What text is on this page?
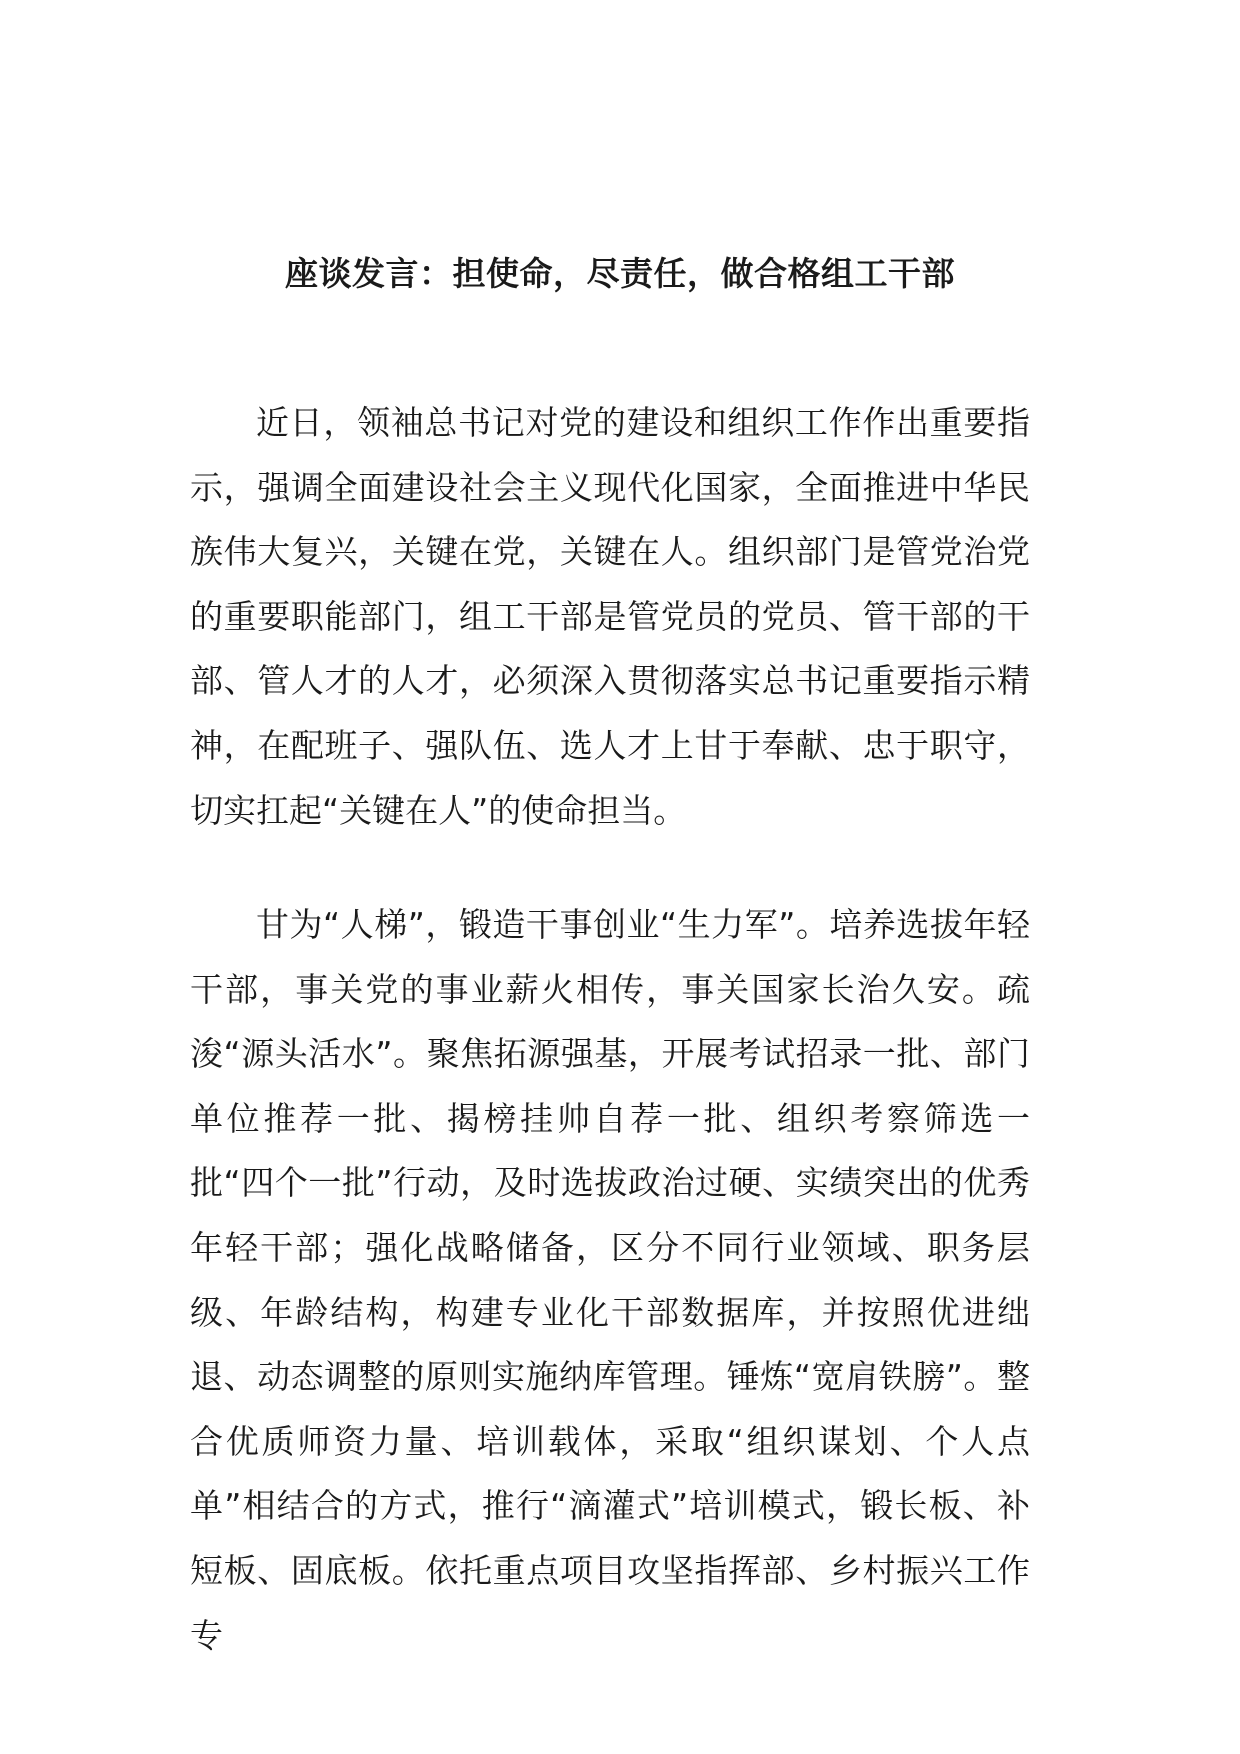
座谈发言：担使命，尽责任，做合格组工干部

近日，领袖总书记对党的建设和组织工作作出重要指示，强调全面建设社会主义现代化国家，全面推进中华民族伟大复兴，关键在党，关键在人。组织部门是管党治党的重要职能部门，组工干部是管党员的党员、管干部的干部、管人才的人才，必须深入贯彻落实总书记重要指示精神，在配班子、强队伍、选人才上甘于奉献、忠于职守，切实扛起“关键在人”的使命担当。

甘为“人梯”，锻造干事创业“生力军”。培养选拔年轻干部，事关党的事业薪火相传，事关国家长治久安。疏浚“源头活水”。聚焦拓源强基，开展考试招录一批、部门单位推荐一批、揭榜挂帅自荐一批、组织考察筛选一批“四个一批”行动，及时选拔政治过硬、实绩突出的优秀年轻干部；强化战略储备，区分不同行业领域、职务层级、年龄结构，构建专业化干部数据库，并按照优进绌退、动态调整的原则实施纳库管理。锤炼“宽肩铁膀”。整合优质师资力量、培训载体，采取“组织谋划、个人点单”相结合的方式，推行“滴灌式”培训模式，锻长板、补短板、固底板。依托重点项目攻坚指挥部、乡村振兴工作专
